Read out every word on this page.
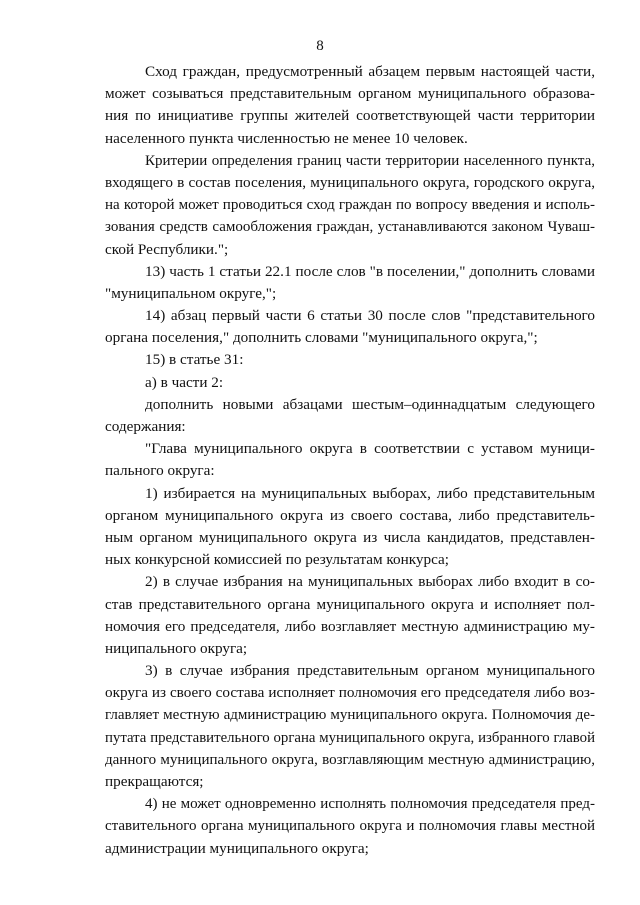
8
Сход граждан, предусмотренный абзацем первым настоящей части,
может созываться представительным органом муниципального образова-
ния по инициативе группы жителей соответствующей части территории
населенного пункта численностью не менее 10 человек.
Критерии определения границ части территории населенного пункта,
входящего в состав поселения, муниципального округа, городского округа,
на которой может проводиться сход граждан по вопросу введения и исполь-
зования средств самообложения граждан, устанавливаются законом Чуваш-
ской Республики.";
13) часть 1 статьи 22.1 после слов "в поселении," дополнить словами
"муниципальном округе,";
14) абзац первый части 6 статьи 30 после слов "представительного
органа поселения," дополнить словами "муниципального округа,";
15) в статье 31:
а) в части 2:
дополнить новыми абзацами шестым–одиннадцатым следующего
содержания:
"Глава муниципального округа в соответствии с уставом муници-
пального округа:
1) избирается на муниципальных выборах, либо представительным
органом муниципального округа из своего состава, либо представитель-
ным органом муниципального округа из числа кандидатов, представлен-
ных конкурсной комиссией по результатам конкурса;
2) в случае избрания на муниципальных выборах либо входит в со-
став представительного органа муниципального округа и исполняет пол-
номочия его председателя, либо возглавляет местную администрацию му-
ниципального округа;
3) в случае избрания представительным органом муниципального
округа из своего состава исполняет полномочия его председателя либо воз-
главляет местную администрацию муниципального округа. Полномочия де-
путата представительного органа муниципального округа, избранного главой
данного муниципального округа, возглавляющим местную администрацию,
прекращаются;
4) не может одновременно исполнять полномочия председателя пред-
ставительного органа муниципального округа и полномочия главы местной
администрации муниципального округа;
